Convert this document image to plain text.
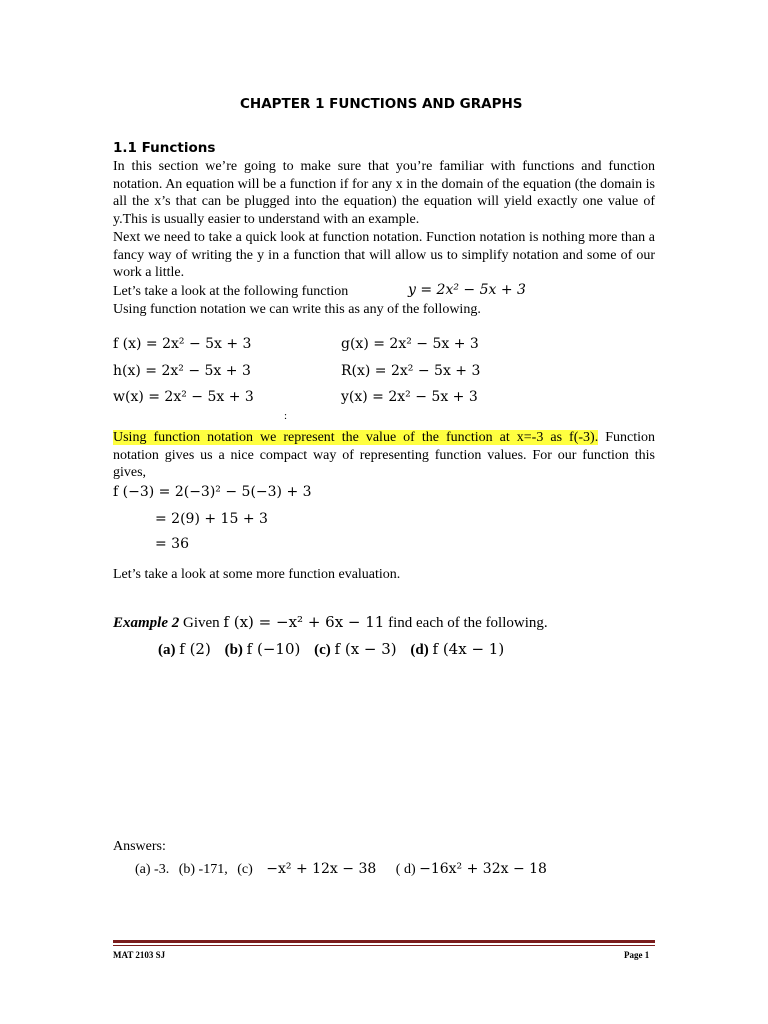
CHAPTER 1 FUNCTIONS AND GRAPHS
1.1 Functions
In this section we’re going to make sure that you’re familiar with functions and function notation. An equation will be a function if for any x in the domain of the equation (the domain is all the x’s that can be plugged into the equation) the equation will yield exactly one value of y.This is usually easier to understand with an example.
Next we need to take a quick look at function notation. Function notation is nothing more than a fancy way of writing the y in a function that will allow us to simplify notation and some of our work a little.
Let’s take a look at the following function	y = 2x² − 5x + 3
Using function notation we can write this as any of the following.
f (x) = 2x² − 5x + 3	g(x) = 2x² − 5x + 3
h(x) = 2x² − 5x + 3	R(x) = 2x² − 5x + 3
w(x) = 2x² − 5x + 3	y(x) = 2x² − 5x + 3
:
Using function notation we represent the value of the function at x=-3 as f(-3). Function notation gives us a nice compact way of representing function values. For our function this gives,
f (−3) = 2(−3)² − 5(−3) + 3
= 2(9) + 15 + 3
= 36
Let’s take a look at some more function evaluation.
Example 2 Given f (x) = −x² + 6x − 11 find each of the following.
(a) f (2) (b) f (−10) (c) f (x − 3) (d) f (4x − 1)
Answers:
(a) -3. (b) -171, (c) −x² + 12x − 38 ( d) −16x² + 32x − 18
MAT 2103 SJ	Page 1
